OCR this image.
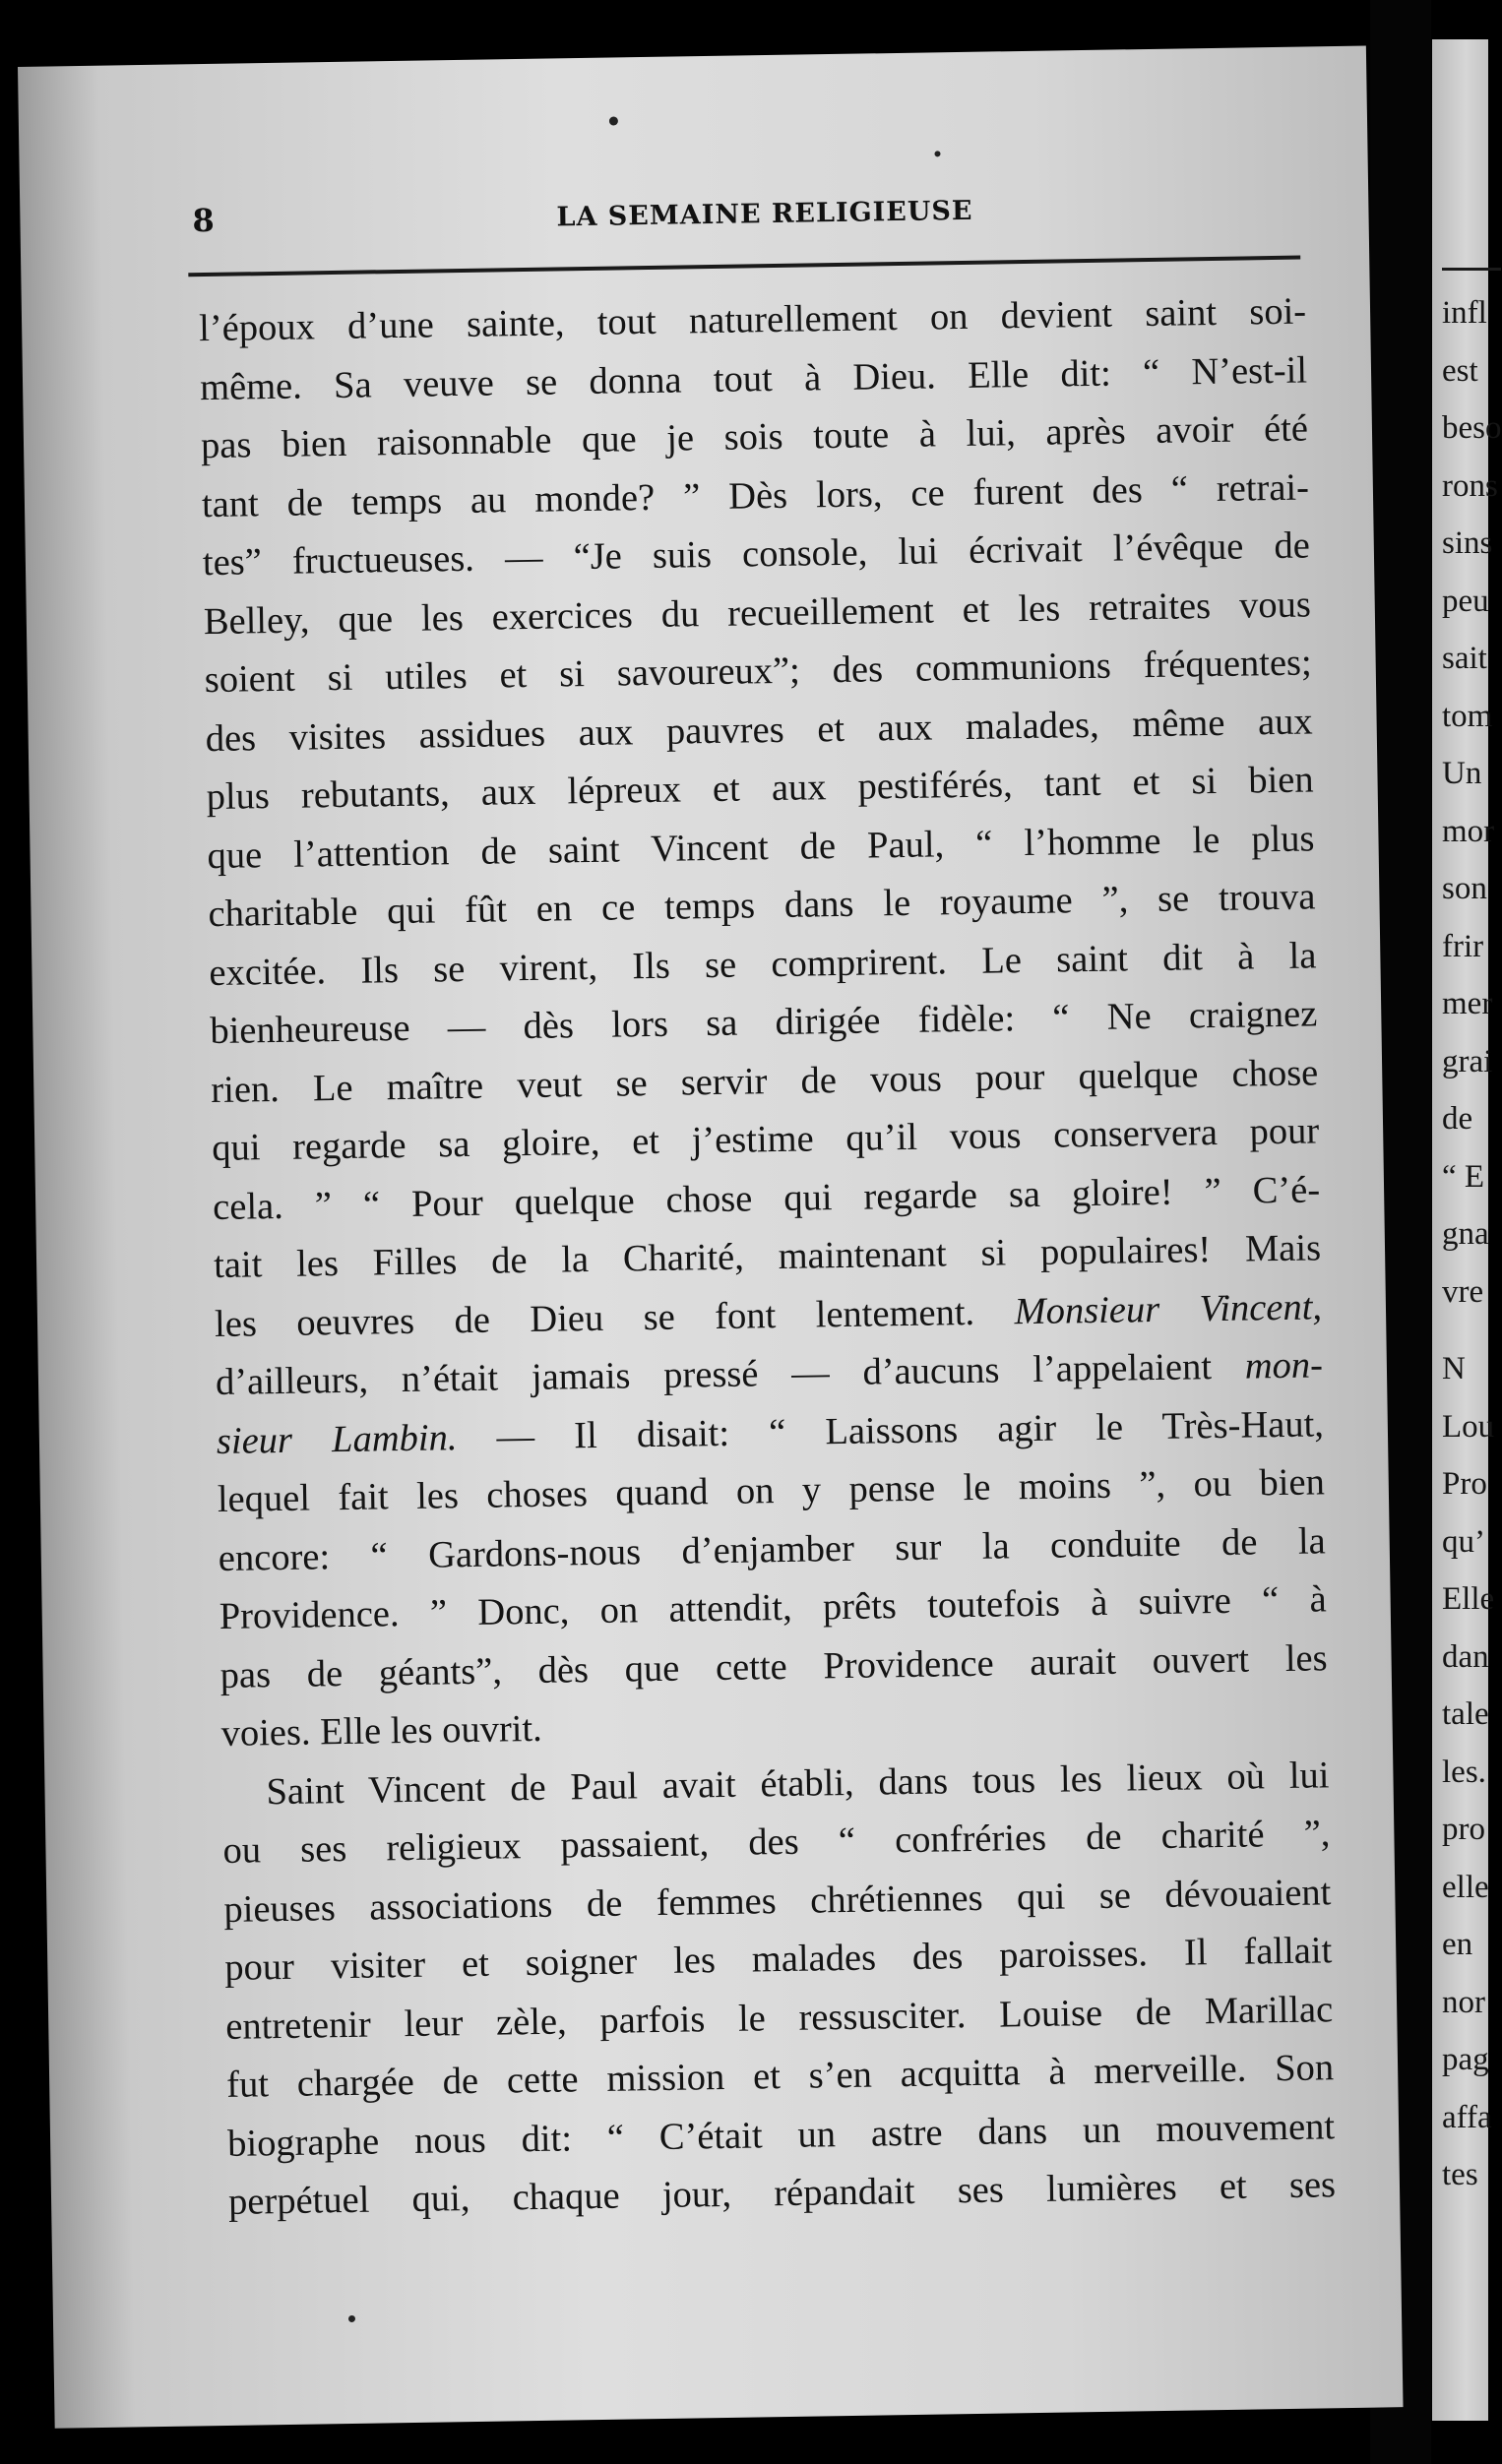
8	LA SEMAINE RELIGIEUSE

l’époux d’une sainte, tout naturellement on devient saint soi-
même. Sa veuve se donna tout à Dieu. Elle dit: “ N’est-il
pas bien raisonnable que je sois toute à lui, après avoir été
tant de temps au monde? ” Dès lors, ce furent des “ retrai-
tes” fructueuses. — “Je suis console, lui écrivait l’évêque de
Belley, que les exercices du recueillement et les retraites vous
soient si utiles et si savoureux”; des communions fréquentes;
des visites assidues aux pauvres et aux malades, même aux
plus rebutants, aux lépreux et aux pestiférés, tant et si bien
que l’attention de saint Vincent de Paul, “ l’homme le plus
charitable qui fût en ce temps dans le royaume ”, se trouva
excitée. Ils se virent, Ils se comprirent. Le saint dit à la
bienheureuse — dès lors sa dirigée fidèle: “ Ne craignez
rien. Le maître veut se servir de vous pour quelque chose
qui regarde sa gloire, et j’estime qu’il vous conservera pour
cela. ” “ Pour quelque chose qui regarde sa gloire! ” C’é-
tait les Filles de la Charité, maintenant si populaires! Mais
les oeuvres de Dieu se font lentement. Monsieur Vincent,
d’ailleurs, n’était jamais pressé — d’aucuns l’appelaient mon-
sieur Lambin. — Il disait: “ Laissons agir le Très-Haut,
lequel fait les choses quand on y pense le moins ”, ou bien
encore: “ Gardons-nous d’enjamber sur la conduite de la
Providence. ” Donc, on attendit, prêts toutefois à suivre “ à
pas de géants”, dès que cette Providence aurait ouvert les
voies. Elle les ouvrit.

Saint Vincent de Paul avait établi, dans tous les lieux où lui
ou ses religieux passaient, des “ confréries de charité ”,
pieuses associations de femmes chrétiennes qui se dévouaient
pour visiter et soigner les malades des paroisses. Il fallait
entretenir leur zèle, parfois le ressusciter. Louise de Marillac
fut chargée de cette mission et s’en acquitta à merveille. Son
biographe nous dit: “ C’était un astre dans un mouvement
perpétuel qui, chaque jour, répandait ses lumières et ses

infl
est
beso
rons
sins
peu
sait
tom
Un
mor
son
frir
mer
grai
de
“ E
gna
vre
N
Lou
Pro
qu’
Elle
dan
tale
les.
pro
elle
en
nor
pag
affa
tes
